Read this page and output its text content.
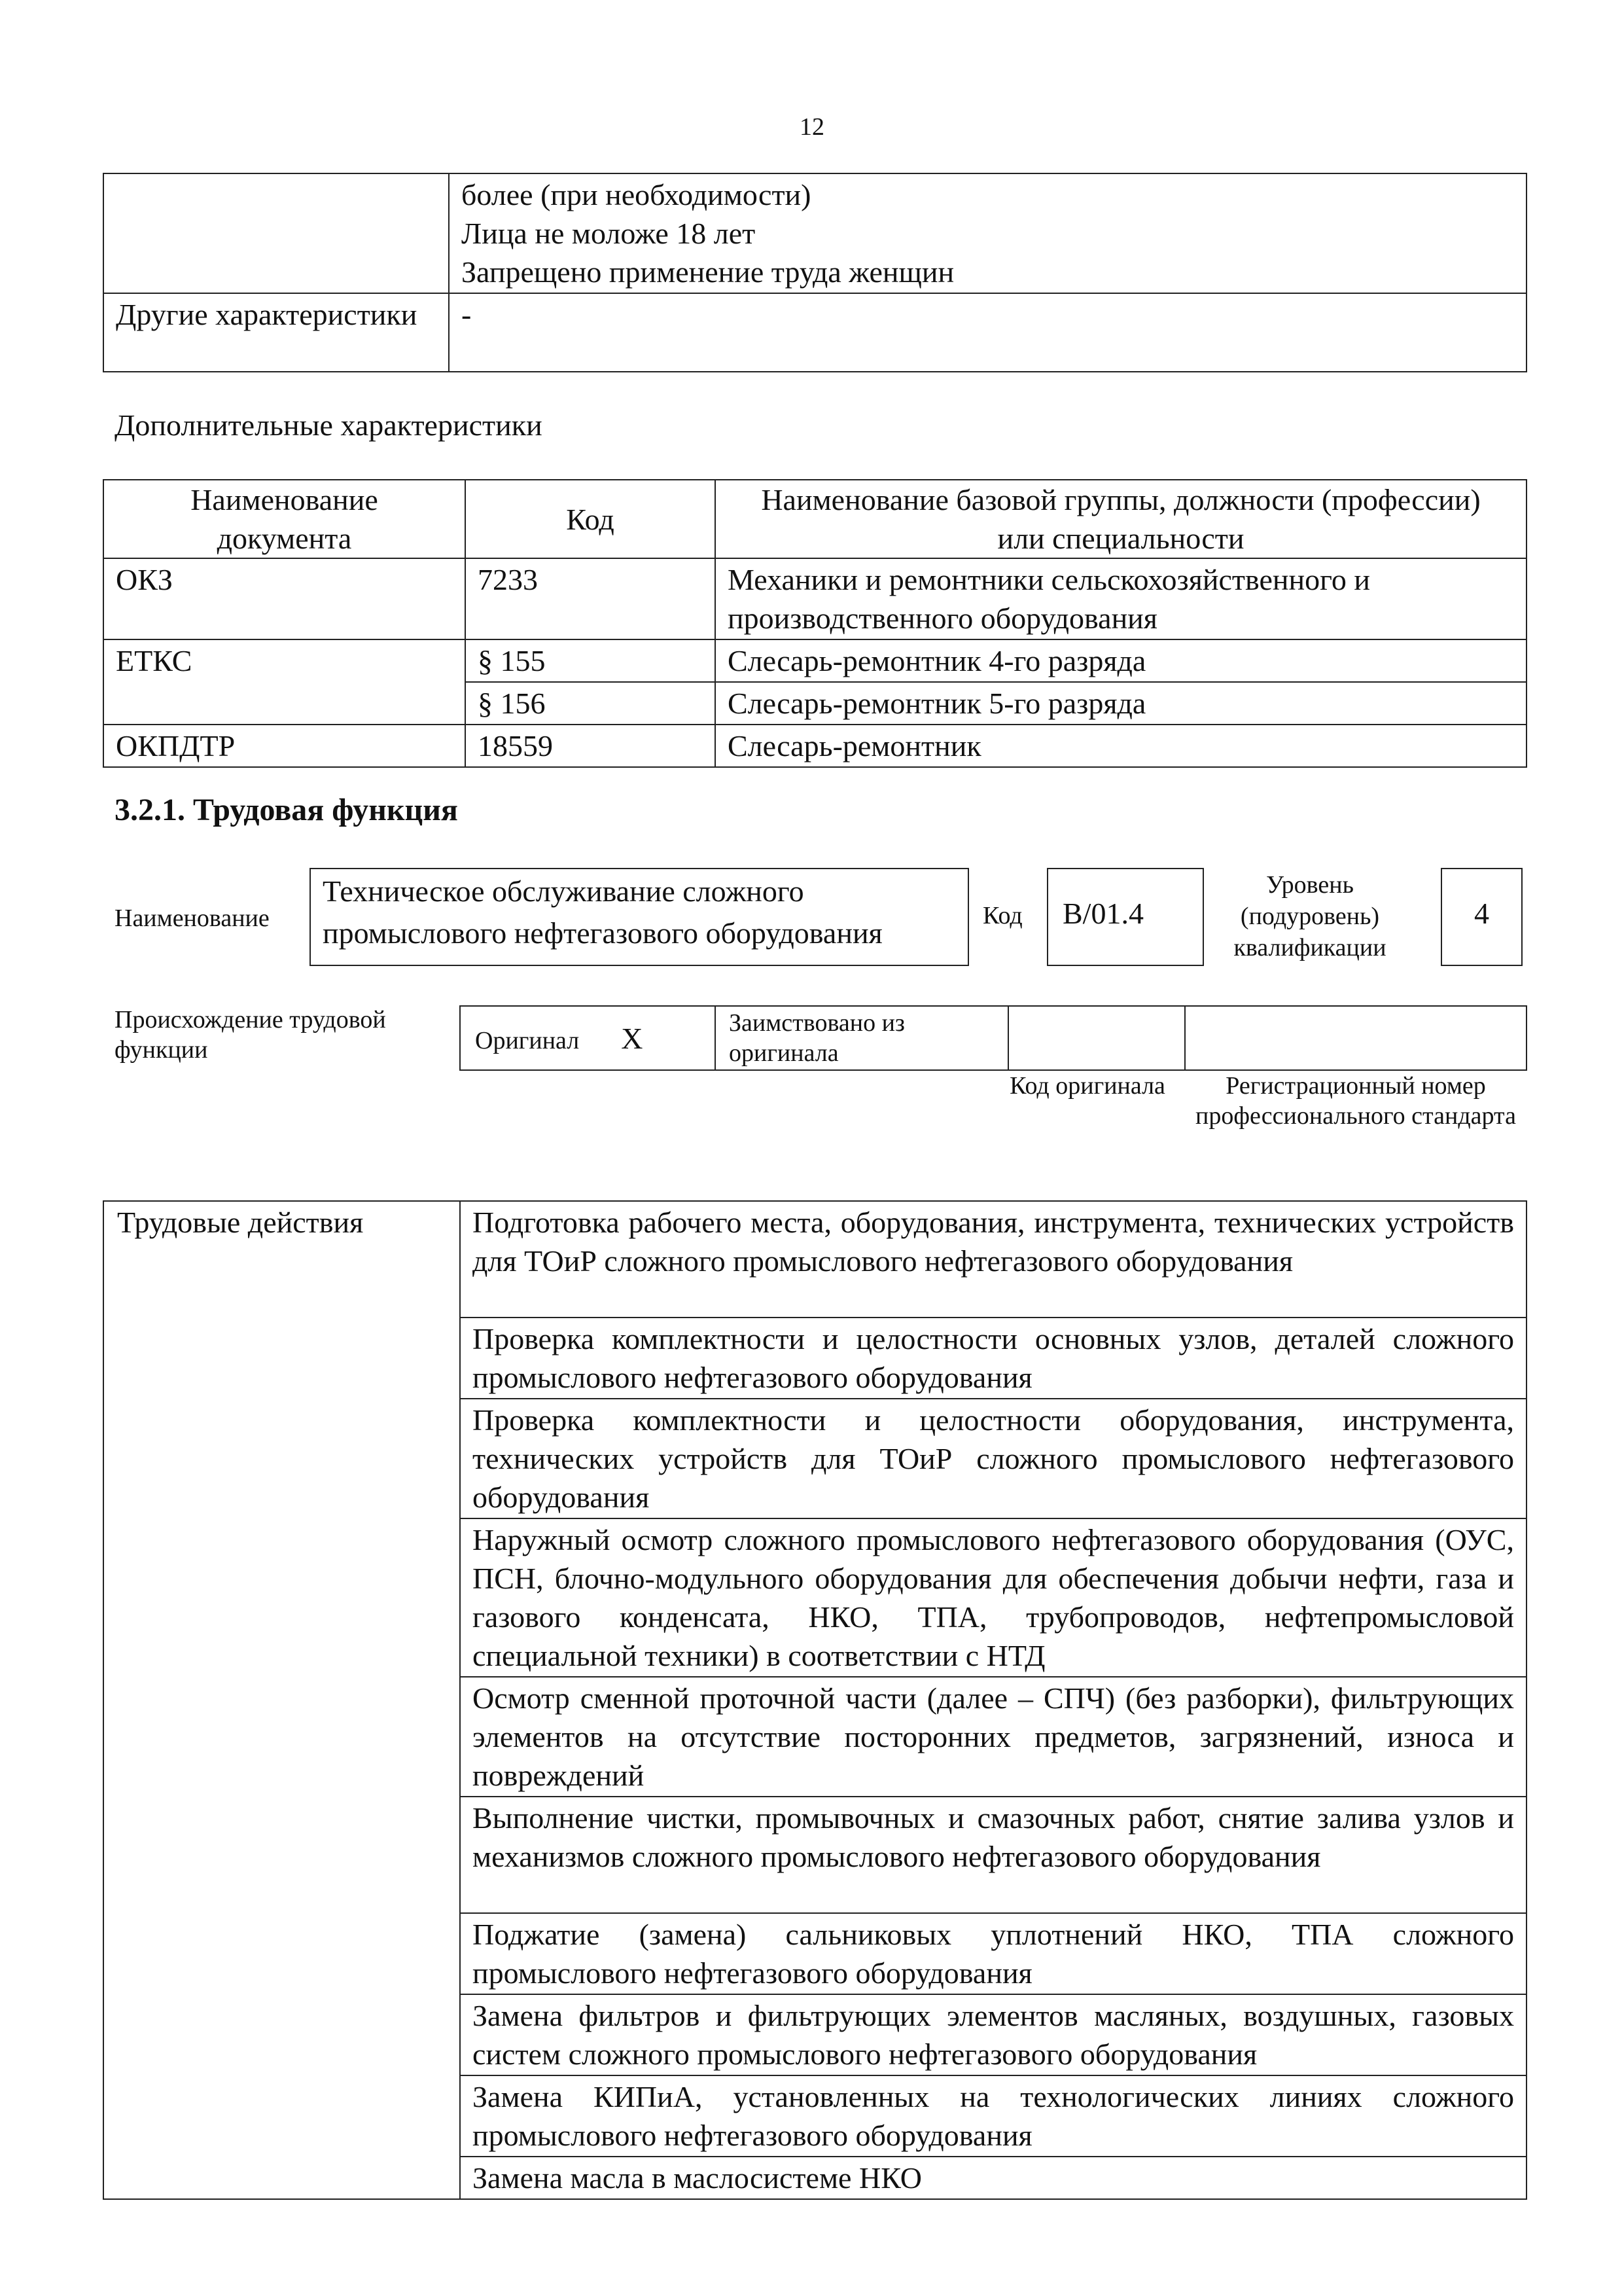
12

	более (при необходимости)
Лица не моложе 18 лет
Запрещено применение труда женщин

Другие характеристики	-
Дополнительные характеристики
Наименование документа	Код	Наименование базовой группы, должности (профессии) или специальности
ОКЗ	7233	Механики и ремонтники сельскохозяйственного и производственного оборудования
ЕТКС	§ 155	Слесарь-ремонтник 4-го разряда
	§ 156	Слесарь-ремонтник 5-го разряда
ОКПДТР	18559	Слесарь-ремонтник
3.2.1. Трудовая функция
Наименование
Техническое обслуживание сложного промыслового нефтегазового оборудования
Код	B/01.4
Уровень (подуровень) квалификации
4
Происхождение трудовой функции	Оригинал X	Заимствовано из оригинала		
Код оригинала	Регистрационный номер профессионального стандарта
Трудовые действия	Подготовка рабочего места, оборудования, инструмента, технических устройств для ТОиР сложного промыслового нефтегазового оборудования
Проверка комплектности и целостности основных узлов, деталей сложного промыслового нефтегазового оборудования
Проверка комплектности и целостности оборудования, инструмента, технических устройств для ТОиР сложного промыслового нефтегазового оборудования
Наружный осмотр сложного промыслового нефтегазового оборудования (ОУС, ПСН, блочно-модульного оборудования для обеспечения добычи нефти, газа и газового конденсата, НКО, ТПА, трубопроводов, нефтепромысловой специальной техники) в соответствии с НТД
Осмотр сменной проточной части (далее – СПЧ) (без разборки), фильтрующих элементов на отсутствие посторонних предметов, загрязнений, износа и повреждений
Выполнение чистки, промывочных и смазочных работ, снятие залива узлов и механизмов сложного промыслового нефтегазового оборудования
Поджатие (замена) сальниковых уплотнений НКО, ТПА сложного промыслового нефтегазового оборудования
Замена фильтров и фильтрующих элементов масляных, воздушных, газовых систем сложного промыслового нефтегазового оборудования
Замена КИПиА, установленных на технологических линиях сложного промыслового нефтегазового оборудования
Замена масла в маслосистеме НКО
